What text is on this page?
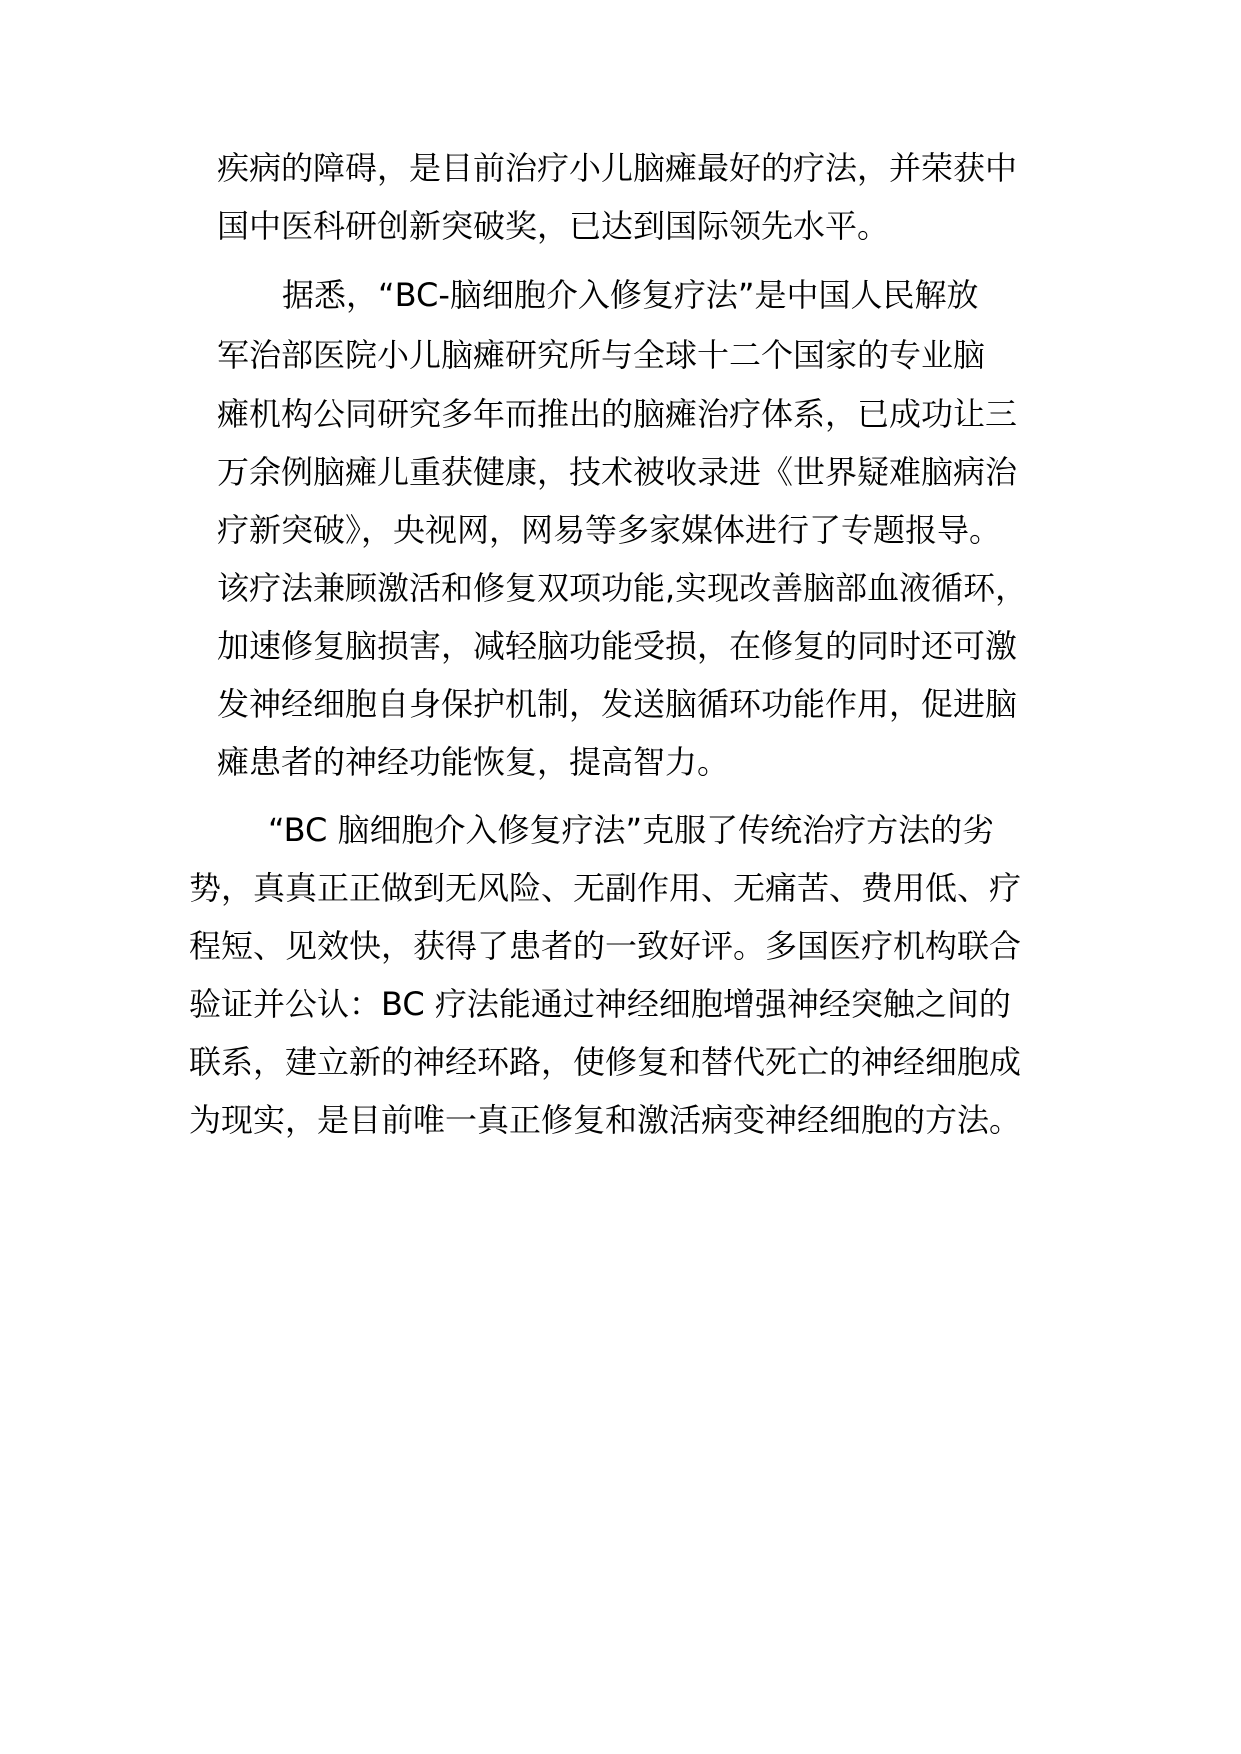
疾病的障碍，是目前治疗小儿脑瘫最好的疗法，并荣获中
国中医科研创新突破奖，已达到国际领先水平。
据悉，“BC-脑细胞介入修复疗法”是中国人民解放
军治部医院小儿脑瘫研究所与全球十二个国家的专业脑
瘫机构公同研究多年而推出的脑瘫治疗体系，已成功让三
万余例脑瘫儿重获健康，技术被收录进《世界疑难脑病治
疗新突破》，央视网，网易等多家媒体进行了专题报导。
该疗法兼顾激活和修复双项功能,实现改善脑部血液循环，
加速修复脑损害，减轻脑功能受损，在修复的同时还可激
发神经细胞自身保护机制，发送脑循环功能作用，促进脑
瘫患者的神经功能恢复，提高智力。
“BC 脑细胞介入修复疗法”克服了传统治疗方法的劣
势，真真正正做到无风险、无副作用、无痛苦、费用低、疗
程短、见效快，获得了患者的一致好评。多国医疗机构联合
验证并公认：BC 疗法能通过神经细胞增强神经突触之间的
联系，建立新的神经环路，使修复和替代死亡的神经细胞成
为现实，是目前唯一真正修复和激活病变神经细胞的方法。
